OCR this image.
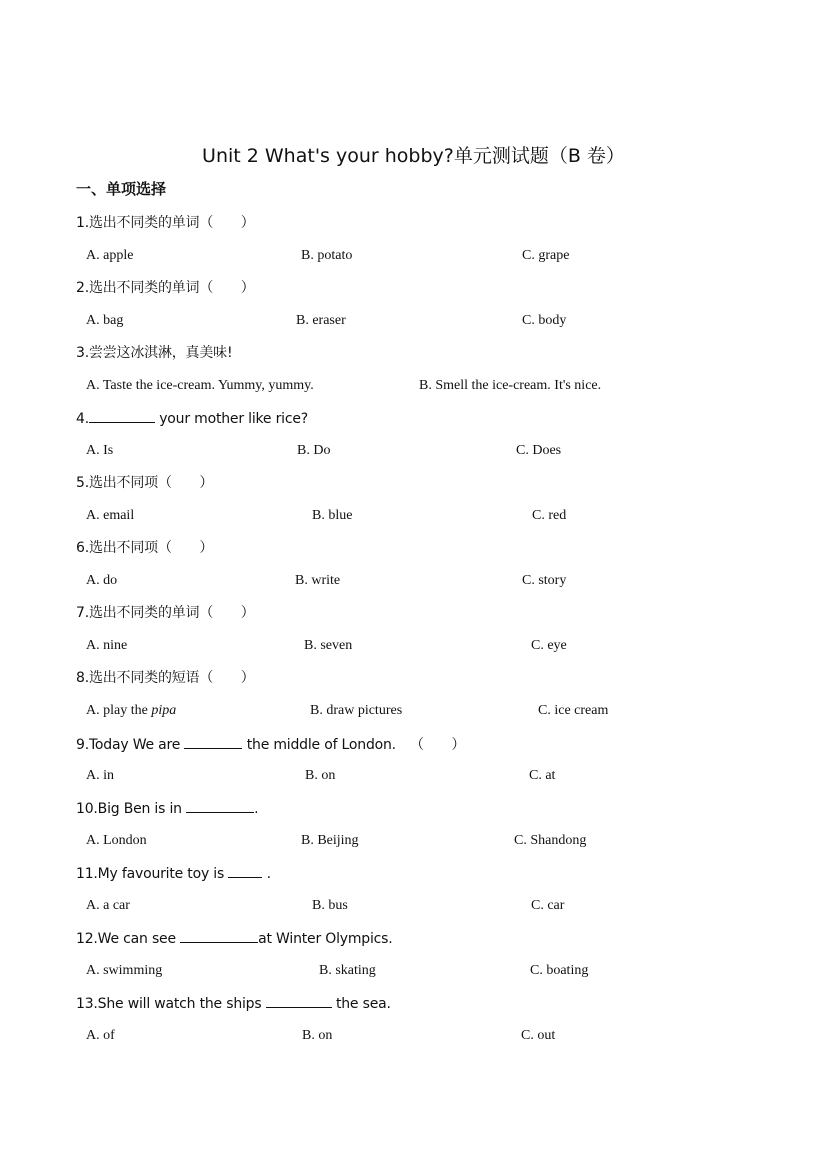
Unit 2 What's your hobby?单元测试题（B 卷）
一、单项选择
1.选出不同类的单词（　　）
A. apple	B. potato	C. grape
2.选出不同类的单词（　　）
A. bag	B. eraser	C. body
3.尝尝这冰淇淋，真美味!
A. Taste the ice-cream. Yummy, yummy.	B. Smell the ice-cream. It's nice.
4.	your mother like rice?
A. Is	B. Do	C. Does
5.选出不同项（　　）
A. email	B. blue	C. red
6.选出不同项（　　）
A. do	B. write	C. story
7.选出不同类的单词（　　）
A. nine	B. seven	C. eye
8.选出不同类的短语（　　）
A. play the pipa	B. draw pictures	C. ice cream
9.Today We are	the middle of London. （　　）
A. in	B. on	C. at
10.Big Ben is in	.
A. London	B. Beijing	C. Shandong
11.My favourite toy is  .
A. a car	B. bus	C. car
12.We can see	at Winter Olympics.
A. swimming	B. skating	C. boating
13.She will watch the ships	the sea.
A. of	B. on	C. out
